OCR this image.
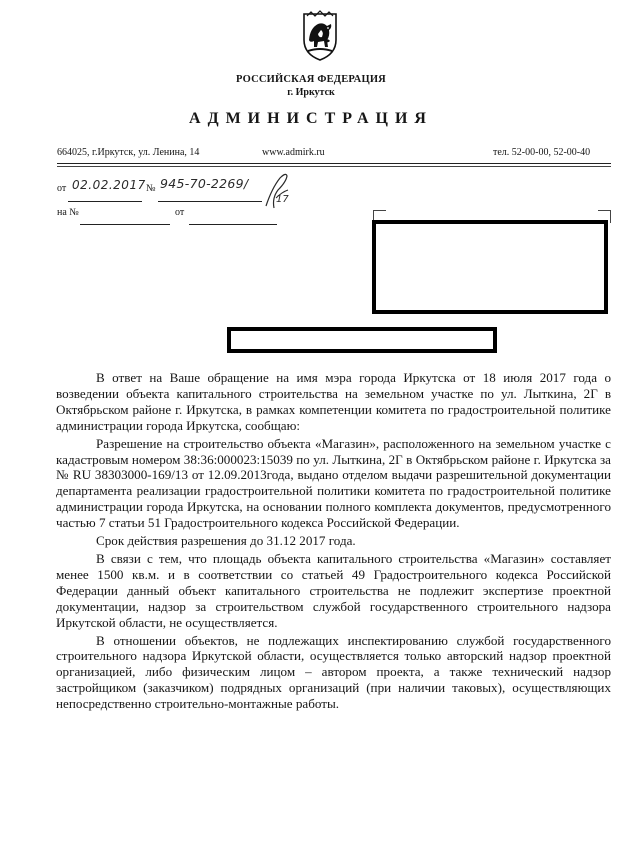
РОССИЙСКАЯ ФЕДЕРАЦИЯ
г. Иркутск
АДМИНИСТРАЦИЯ
664025, г.Иркутск, ул. Ленина, 14	www.admirk.ru	тел. 52-00-00, 52-00-40
от 02.02.2017 № 945-70-2269/
17
на №	от

В ответ на Ваше обращение на имя мэра города Иркутска от 18 июля 2017 года о возведении объекта капитального строительства на земельном участке по ул. Лыткина, 2Г в Октябрьском районе г. Иркутска, в рамках компетенции комитета по градостроительной политике администрации города Иркутска, сообщаю:

Разрешение на строительство объекта «Магазин», расположенного на земельном участке с кадастровым номером 38:36:000023:15039 по ул. Лыткина, 2Г в Октябрьском районе г. Иркутска за № RU 38303000-169/13 от 12.09.2013года, выдано отделом выдачи разрешительной документации департамента реализации градостроительной политики комитета по градостроительной политике администрации города Иркутска, на основании полного комплекта документов, предусмотренного частью 7 статьи 51 Градостроительного кодекса Российской Федерации.

Срок действия разрешения до 31.12 2017 года.

В связи с тем, что площадь объекта капитального строительства «Магазин» составляет менее 1500 кв.м. и в соответствии со статьей 49 Градостроительного кодекса Российской Федерации данный объект капитального строительства не подлежит экспертизе проектной документации, надзор за строительством службой государственного строительного надзора Иркутской области, не осуществляется.

В отношении объектов, не подлежащих инспектированию службой государственного строительного надзора Иркутской области, осуществляется только авторский надзор проектной организацией, либо физическим лицом – автором проекта, а также технический надзор застройщиком (заказчиком) подрядных организаций (при наличии таковых), осуществляющих непосредственно строительно-монтажные работы.
